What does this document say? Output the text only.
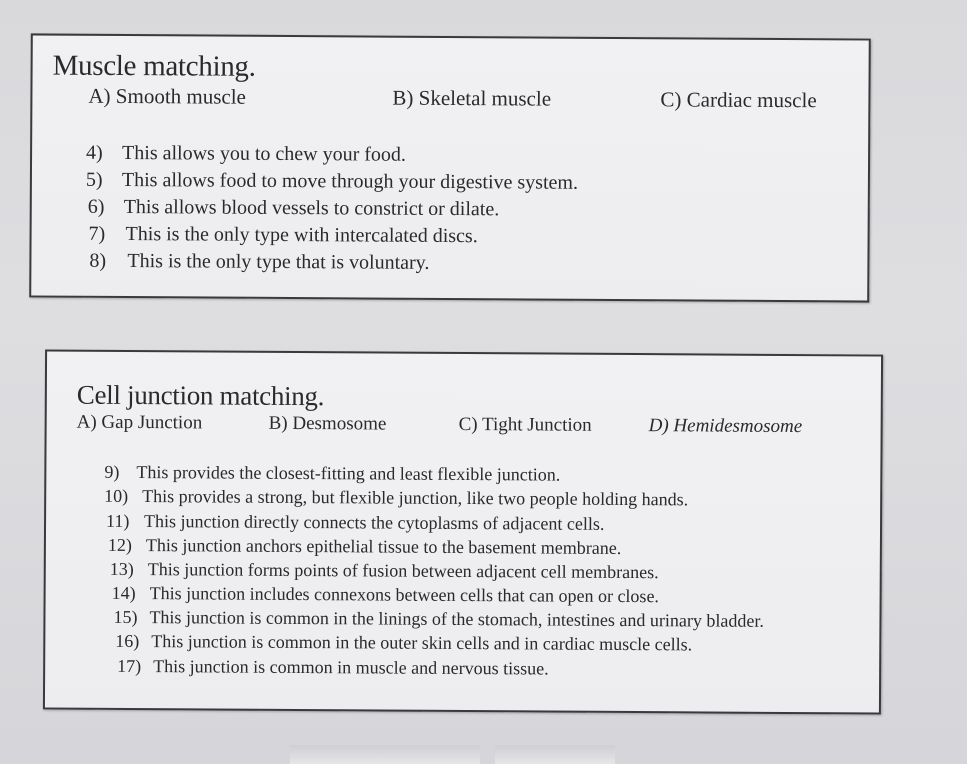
Muscle matching.
A) Smooth muscle	B) Skeletal muscle	C) Cardiac muscle
4) This allows you to chew your food.
5) This allows food to move through your digestive system.
6) This allows blood vessels to constrict or dilate.
7) This is the only type with intercalated discs.
8) This is the only type that is voluntary.
Cell junction matching.
A) Gap Junction	B) Desmosome	C) Tight Junction	D) Hemidesmosome
9) This provides the closest-fitting and least flexible junction.
10) This provides a strong, but flexible junction, like two people holding hands.
11) This junction directly connects the cytoplasms of adjacent cells.
12) This junction anchors epithelial tissue to the basement membrane.
13) This junction forms points of fusion between adjacent cell membranes.
14) This junction includes connexons between cells that can open or close.
15) This junction is common in the linings of the stomach, intestines and urinary bladder.
16) This junction is common in the outer skin cells and in cardiac muscle cells.
17) This junction is common in muscle and nervous tissue.
